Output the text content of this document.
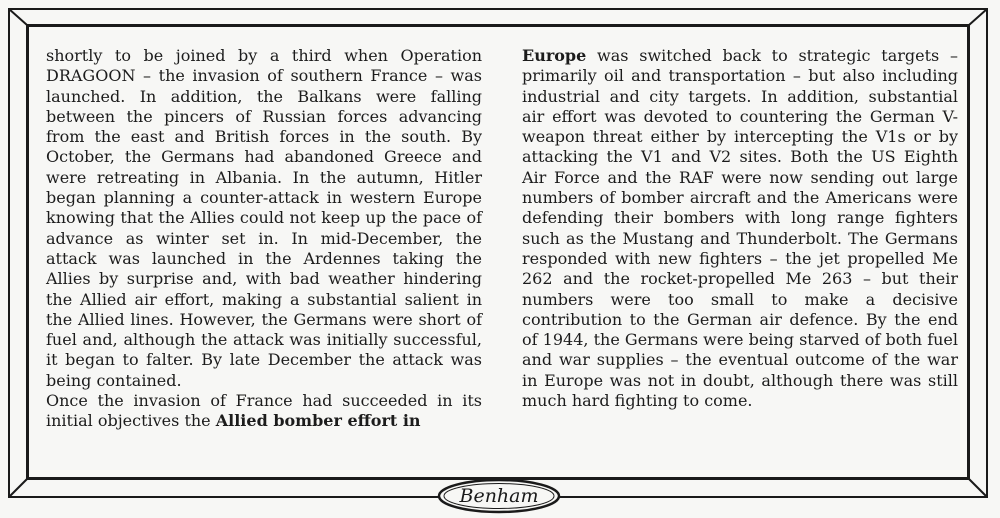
shortly to be joined by a third when Operation DRAGOON – the invasion of southern France – was launched. In addition, the Balkans were falling between the pincers of Russian forces advancing from the east and British forces in the south. By October, the Germans had abandoned Greece and were retreating in Albania. In the autumn, Hitler began planning a counter-attack in western Europe knowing that the Allies could not keep up the pace of advance as winter set in. In mid-December, the attack was launched in the Ardennes taking the Allies by surprise and, with bad weather hindering the Allied air effort, making a substantial salient in the Allied lines. However, the Germans were short of fuel and, although the attack was initially successful, it began to falter. By late December the attack was being contained.

Once the invasion of France had succeeded in its initial objectives the Allied bomber effort in

Europe was switched back to strategic targets – primarily oil and transportation – but also including industrial and city targets. In addition, substantial air effort was devoted to countering the German V-weapon threat either by intercepting the V1s or by attacking the V1 and V2 sites. Both the US Eighth Air Force and the RAF were now sending out large numbers of bomber aircraft and the Americans were defending their bombers with long range fighters such as the Mustang and Thunderbolt. The Germans responded with new fighters – the jet propelled Me 262 and the rocket-propelled Me 263 – but their numbers were too small to make a decisive contribution to the German air defence. By the end of 1944, the Germans were being starved of both fuel and war supplies – the eventual outcome of the war in Europe was not in doubt, although there was still much hard fighting to come.

Benham
